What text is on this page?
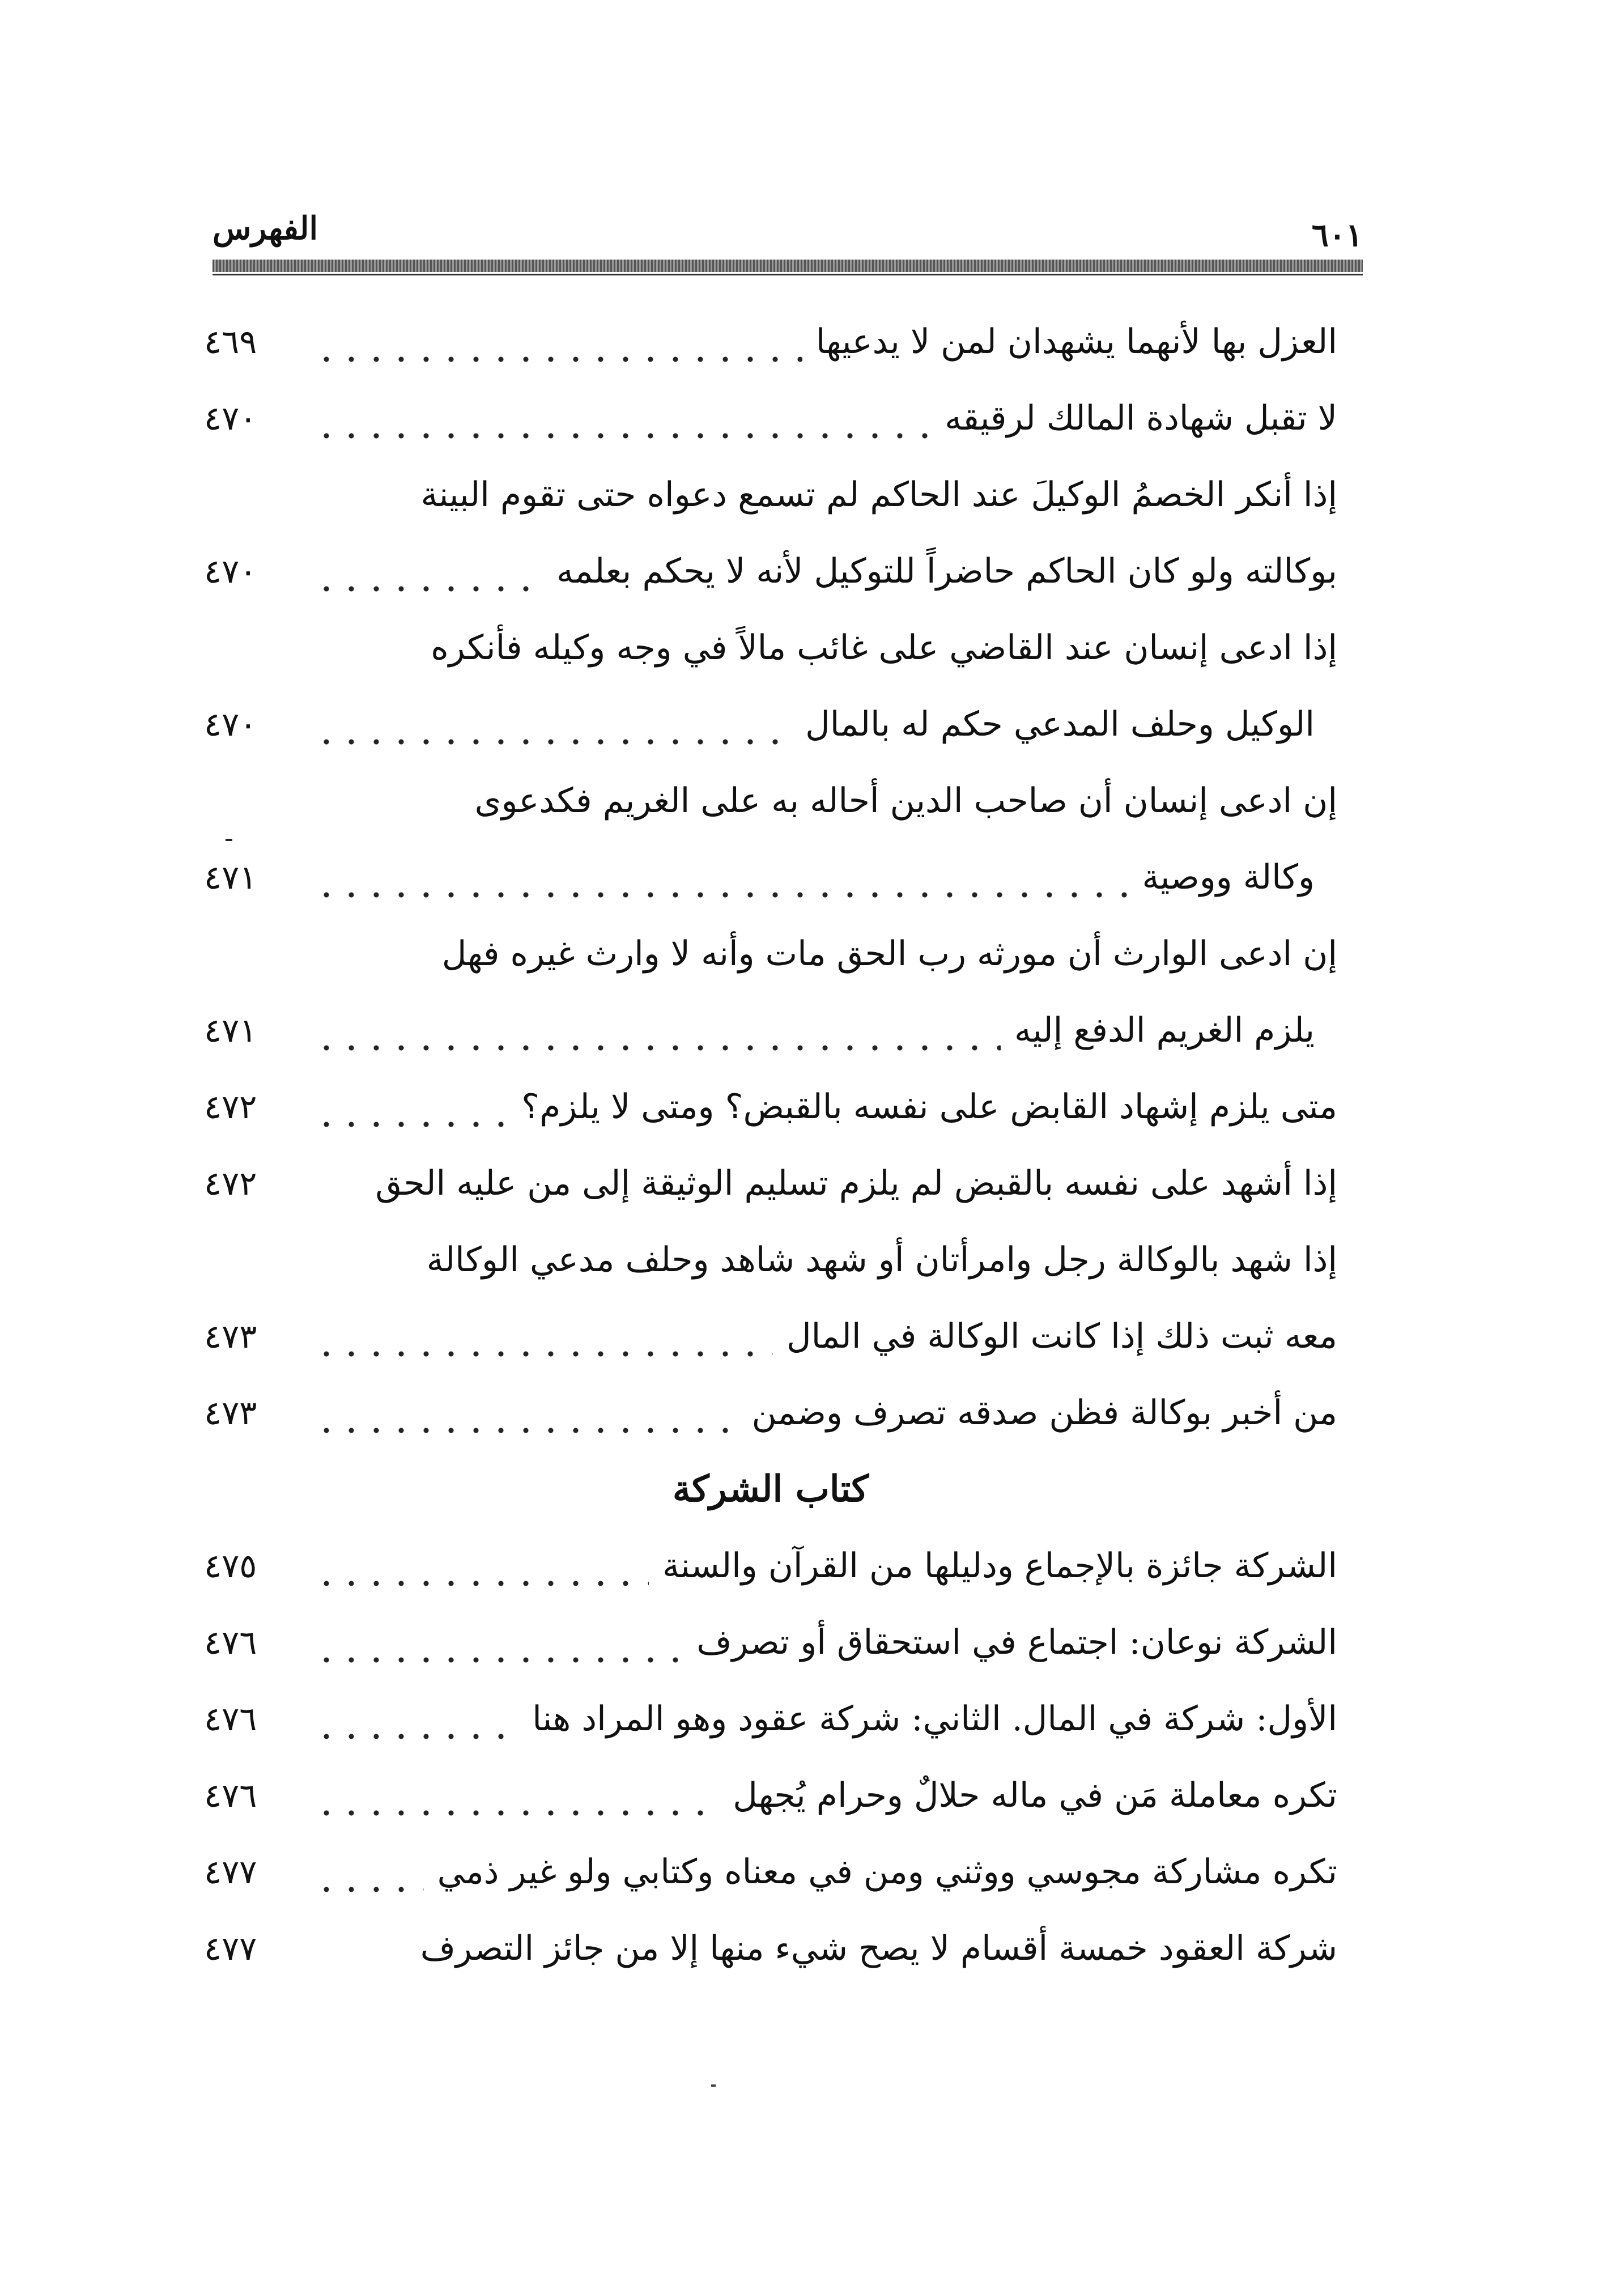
الفهرس	٦٠١
العزل بها لأنهما يشهدان لمن لا يدعيها
٤٦٩
لا تقبل شهادة المالك لرقيقه
٤٧٠
إذا أنكر الخصمُ الوكيلَ عند الحاكم لم تسمع دعواه حتى تقوم البينة
بوكالته ولو كان الحاكم حاضراً للتوكيل لأنه لا يحكم بعلمه
٤٧٠
إذا ادعى إنسان عند القاضي على غائب مالاً في وجه وكيله فأنكره
الوكيل وحلف المدعي حكم له بالمال
٤٧٠
إن ادعى إنسان أن صاحب الدين أحاله به على الغريم فكدعوى
وكالة ووصية
٤٧١
إن ادعى الوارث أن مورثه رب الحق مات وأنه لا وارث غيره فهل
يلزم الغريم الدفع إليه
٤٧١
متى يلزم إشهاد القابض على نفسه بالقبض؟ ومتى لا يلزم؟
٤٧٢
إذا أشهد على نفسه بالقبض لم يلزم تسليم الوثيقة إلى من عليه الحق
٤٧٢
إذا شهد بالوكالة رجل وامرأتان أو شهد شاهد وحلف مدعي الوكالة
معه ثبت ذلك إذا كانت الوكالة في المال
٤٧٣
من أخبر بوكالة فظن صدقه تصرف وضمن
٤٧٣
كتاب الشركة
الشركة جائزة بالإجماع ودليلها من القرآن والسنة
٤٧٥
الشركة نوعان: اجتماع في استحقاق أو تصرف
٤٧٦
الأول: شركة في المال. الثاني: شركة عقود وهو المراد هنا
٤٧٦
تكره معاملة مَن في ماله حلالٌ وحرام يُجهل
٤٧٦
تكره مشاركة مجوسي ووثني ومن في معناه وكتابي ولو غير ذمي
٤٧٧
شركة العقود خمسة أقسام لا يصح شيء منها إلا من جائز التصرف
٤٧٧
